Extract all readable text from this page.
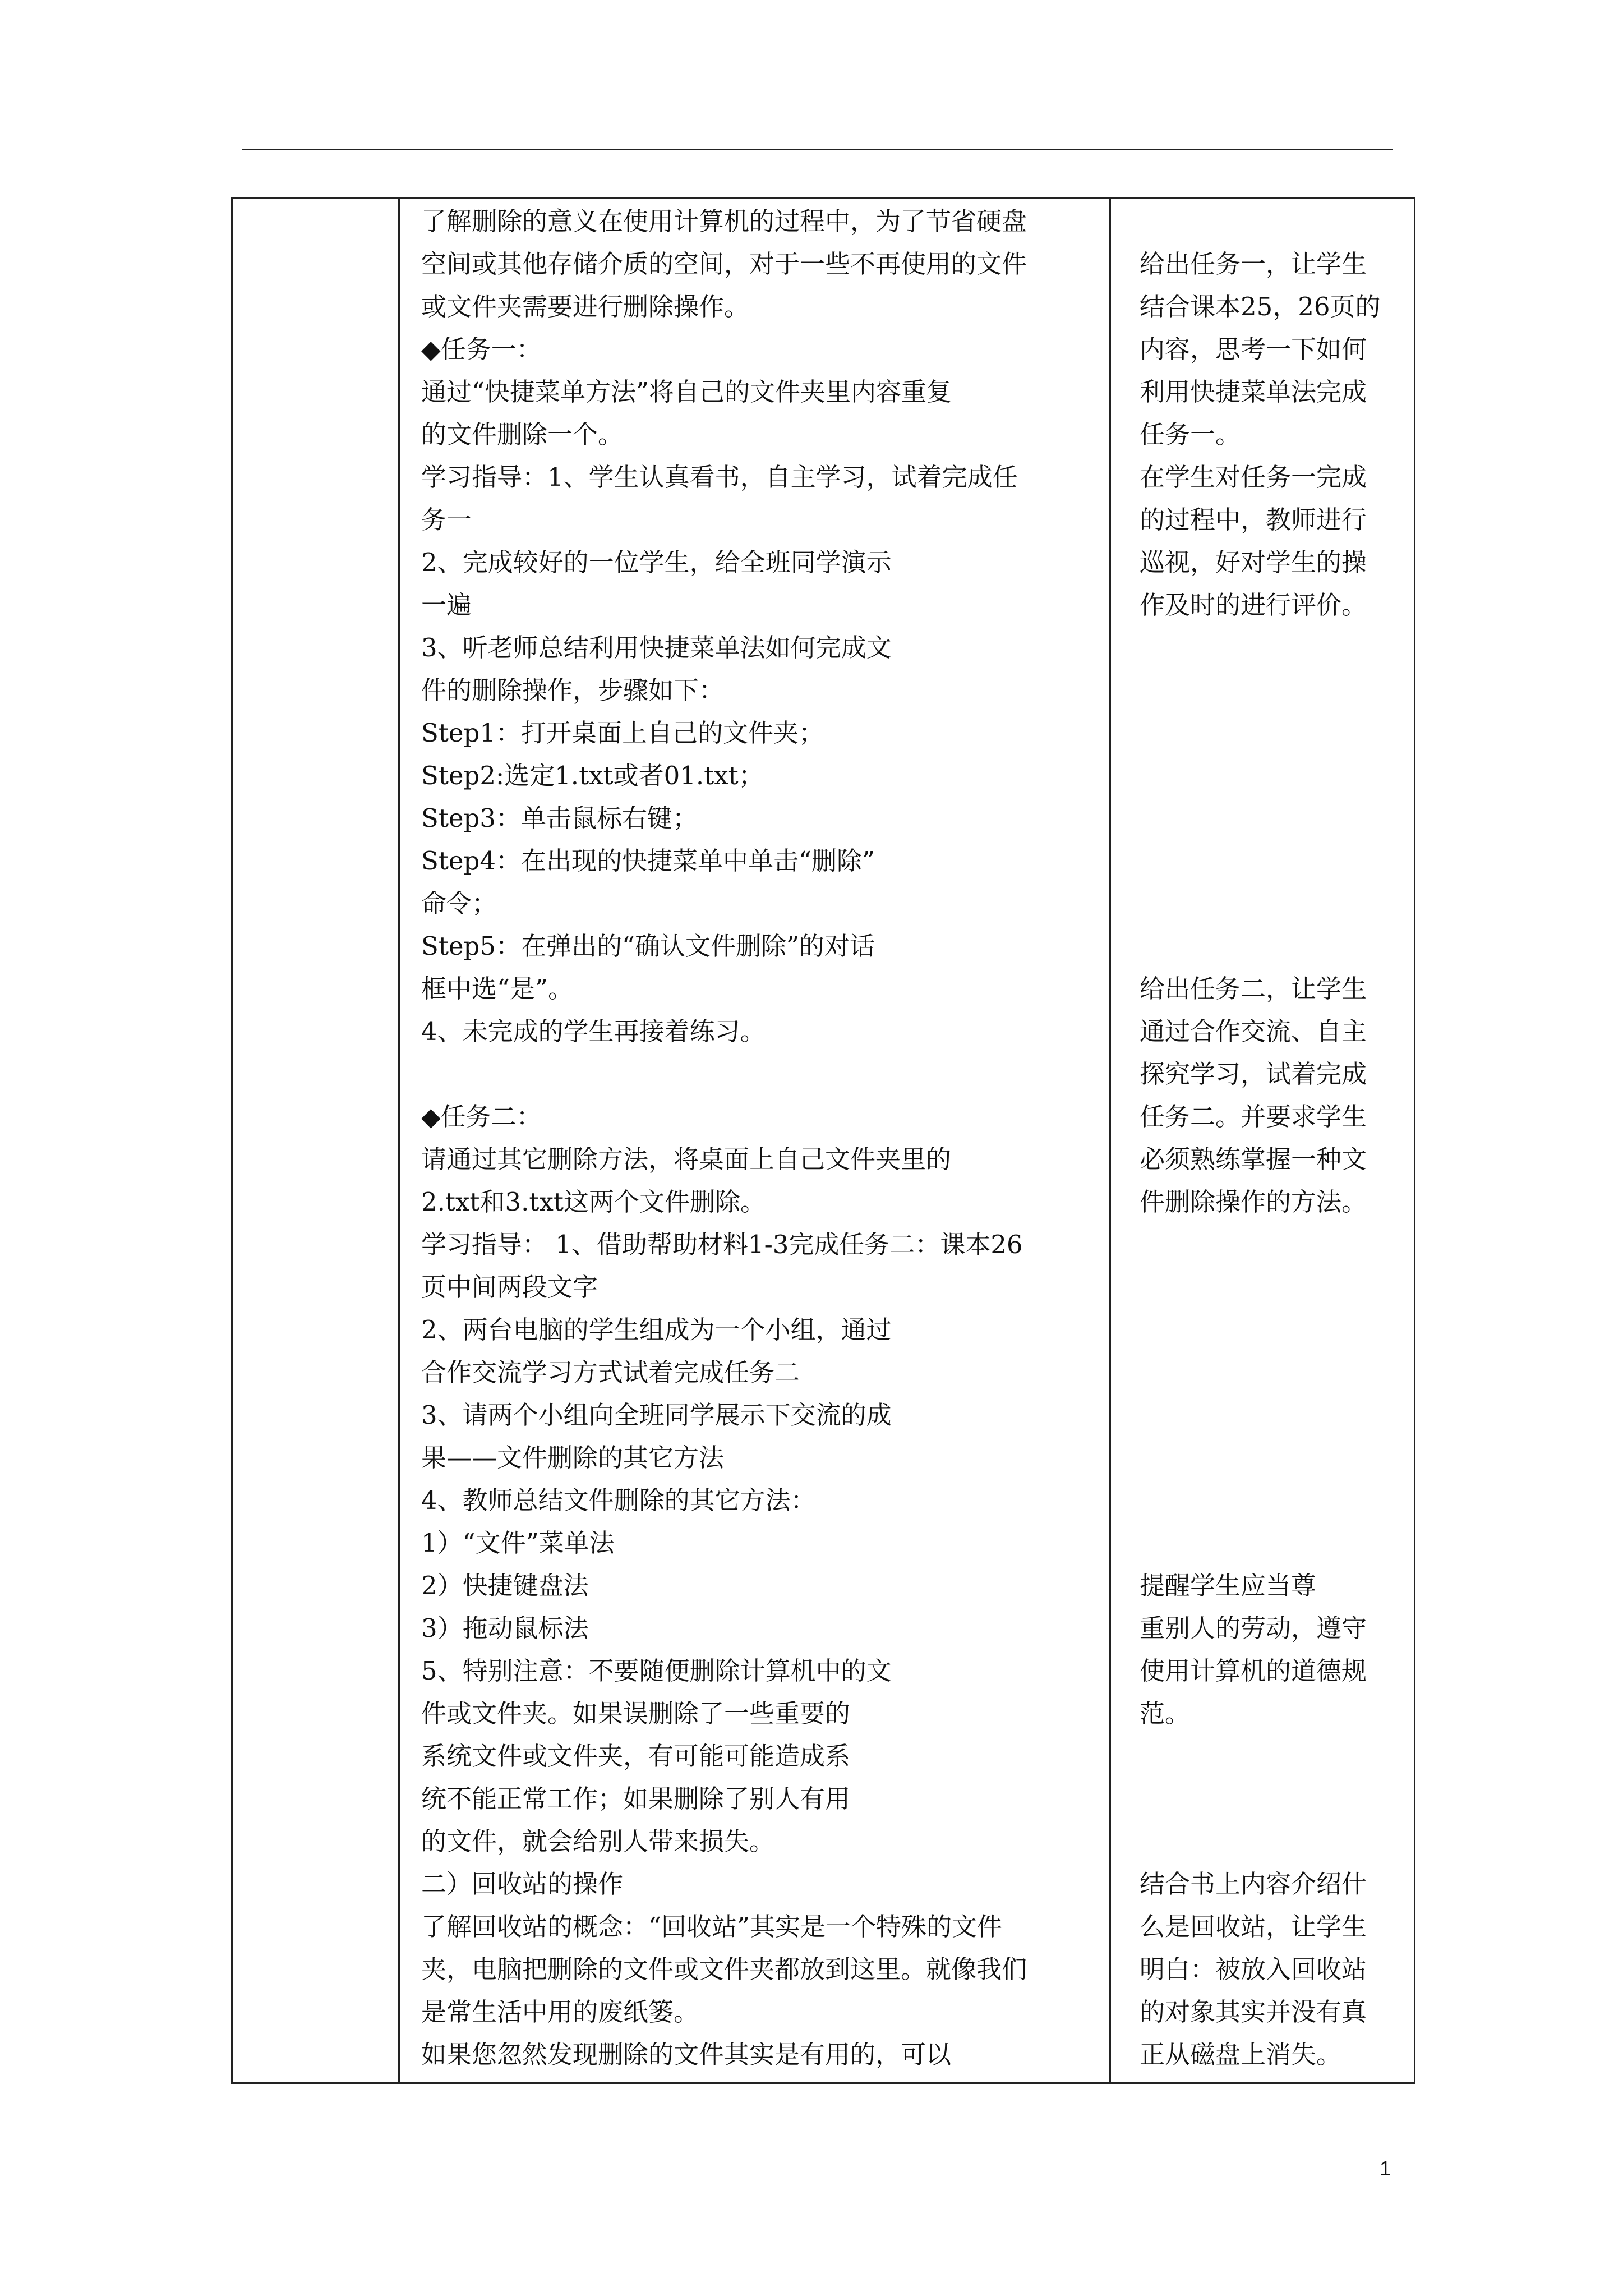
了解删除的意义在使用计算机的过程中，为了节省硬盘
空间或其他存储介质的空间，对于一些不再使用的文件
或文件夹需要进行删除操作。
◆任务一：
通过“快捷菜单方法”将自己的文件夹里内容重复
的文件删除一个。
学习指导：1、学生认真看书，自主学习，试着完成任
务一
2、完成较好的一位学生，给全班同学演示
一遍
3、听老师总结利用快捷菜单法如何完成文
件的删除操作，步骤如下：
Step1：打开桌面上自己的文件夹；
Step2:选定1.txt或者01.txt；
Step3：单击鼠标右键；
Step4：在出现的快捷菜单中单击“删除”
命令；
Step5：在弹出的“确认文件删除”的对话
框中选“是”。
4、未完成的学生再接着练习。
◆任务二：
请通过其它删除方法，将桌面上自己文件夹里的
2.txt和3.txt这两个文件删除。
学习指导： 1、借助帮助材料1-3完成任务二：课本26
页中间两段文字
2、两台电脑的学生组成为一个小组，通过
合作交流学习方式试着完成任务二
3、请两个小组向全班同学展示下交流的成
果——文件删除的其它方法
4、教师总结文件删除的其它方法：
1）“文件”菜单法
2）快捷键盘法
3）拖动鼠标法
5、特别注意：不要随便删除计算机中的文
件或文件夹。如果误删除了一些重要的
系统文件或文件夹，有可能可能造成系
统不能正常工作；如果删除了别人有用
的文件，就会给别人带来损失。
二）回收站的操作
了解回收站的概念：“回收站”其实是一个特殊的文件
夹，电脑把删除的文件或文件夹都放到这里。就像我们
是常生活中用的废纸篓。
如果您忽然发现删除的文件其实是有用的，可以
给出任务一，让学生
结合课本25，26页的
内容，思考一下如何
利用快捷菜单法完成
任务一。
在学生对任务一完成
的过程中，教师进行
巡视，好对学生的操
作及时的进行评价。
给出任务二，让学生
通过合作交流、自主
探究学习，试着完成
任务二。并要求学生
必须熟练掌握一种文
件删除操作的方法。
提醒学生应当尊
重别人的劳动，遵守
使用计算机的道德规
范。
结合书上内容介绍什
么是回收站，让学生
明白：被放入回收站
的对象其实并没有真
正从磁盘上消失。
1
